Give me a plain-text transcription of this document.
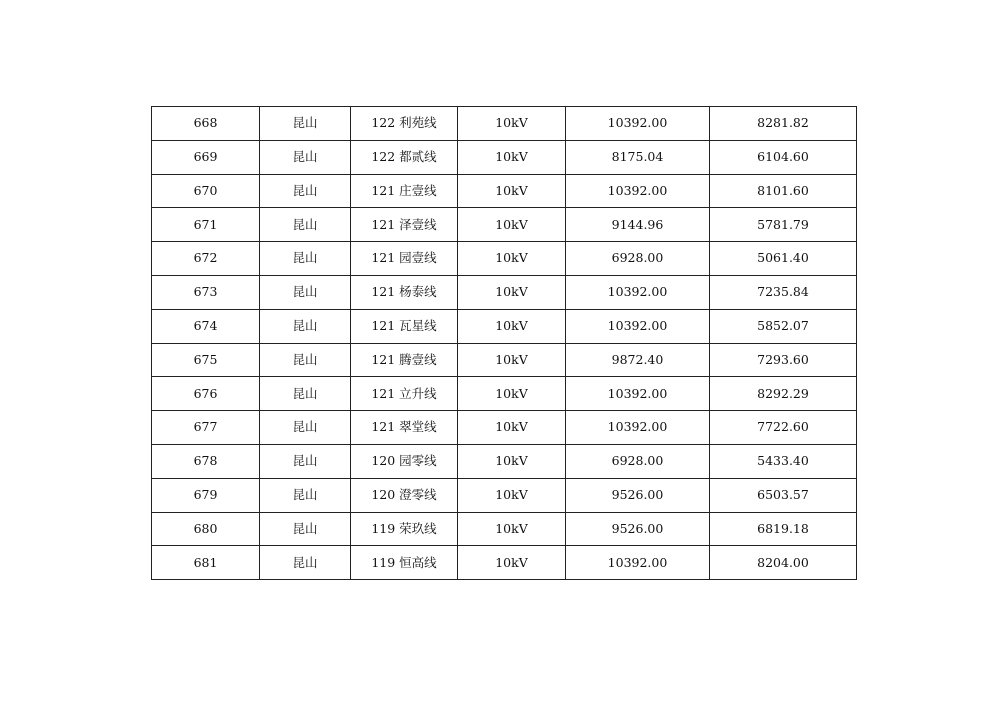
668	昆山	122 利苑线	10kV	10392.00	8281.82
669	昆山	122 都贰线	10kV	8175.04	6104.60
670	昆山	121 庄壹线	10kV	10392.00	8101.60
671	昆山	121 泽壹线	10kV	9144.96	5781.79
672	昆山	121 园壹线	10kV	6928.00	5061.40
673	昆山	121 杨泰线	10kV	10392.00	7235.84
674	昆山	121 瓦星线	10kV	10392.00	5852.07
675	昆山	121 腾壹线	10kV	9872.40	7293.60
676	昆山	121 立升线	10kV	10392.00	8292.29
677	昆山	121 翠堂线	10kV	10392.00	7722.60
678	昆山	120 园零线	10kV	6928.00	5433.40
679	昆山	120 澄零线	10kV	9526.00	6503.57
680	昆山	119 荣玖线	10kV	9526.00	6819.18
681	昆山	119 恒高线	10kV	10392.00	8204.00
